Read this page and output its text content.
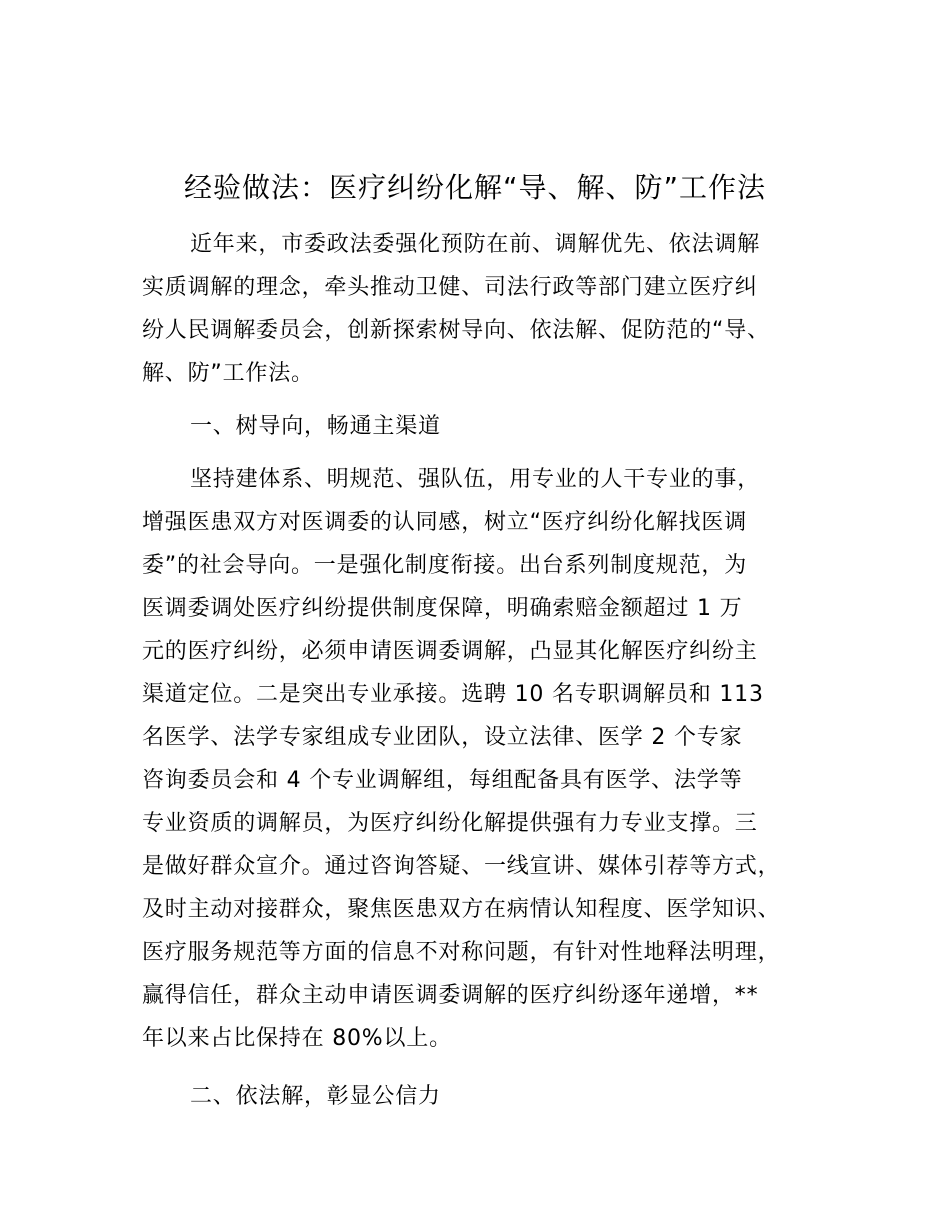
经验做法：医疗纠纷化解“导、解、防”工作法
近年来，市委政法委强化预防在前、调解优先、依法调解
实质调解的理念，牵头推动卫健、司法行政等部门建立医疗纠
纷人民调解委员会，创新探索树导向、依法解、促防范的“导、
解、防”工作法。
一、树导向，畅通主渠道
坚持建体系、明规范、强队伍，用专业的人干专业的事，
增强医患双方对医调委的认同感，树立“医疗纠纷化解找医调
委”的社会导向。一是强化制度衔接。出台系列制度规范，为
医调委调处医疗纠纷提供制度保障，明确索赔金额超过 1 万
元的医疗纠纷，必须申请医调委调解，凸显其化解医疗纠纷主
渠道定位。二是突出专业承接。选聘 10 名专职调解员和 113
名医学、法学专家组成专业团队，设立法律、医学 2 个专家
咨询委员会和 4 个专业调解组，每组配备具有医学、法学等
专业资质的调解员，为医疗纠纷化解提供强有力专业支撑。三
是做好群众宣介。通过咨询答疑、一线宣讲、媒体引荐等方式，
及时主动对接群众，聚焦医患双方在病情认知程度、医学知识、
医疗服务规范等方面的信息不对称问题，有针对性地释法明理，
赢得信任，群众主动申请医调委调解的医疗纠纷逐年递增，**
年以来占比保持在 80%以上。
二、依法解，彰显公信力
